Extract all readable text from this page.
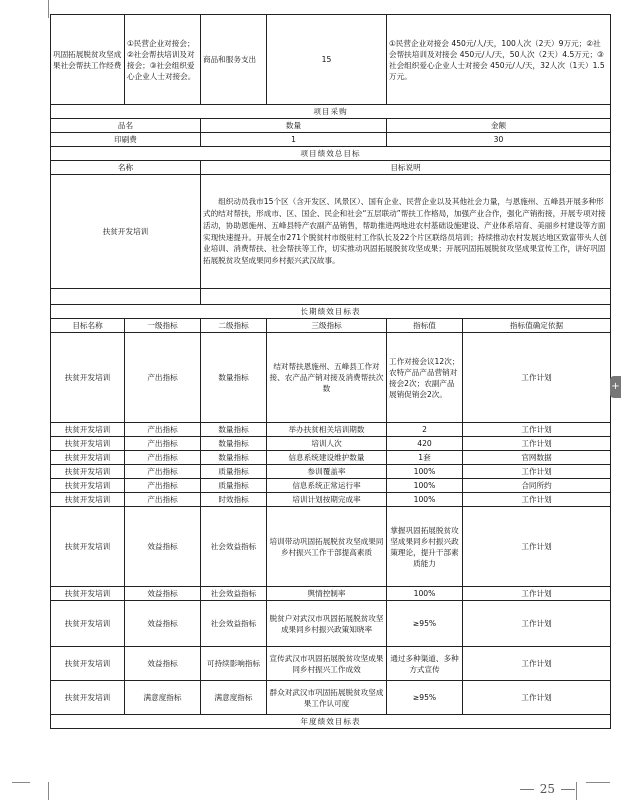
巩固拓展脱贫攻坚成果社会帮扶工作经费	①民营企业对接会；②社会帮扶培训及对接会；③社会组织爱心企业人士对接会。	商品和服务支出	15	①民营企业对接会 450元/人/天，100人次（2天）9万元；②社会帮扶培训及对接会 450元/人/天，50人次（2天）4.5万元；③社会组织爱心企业人士对接会 450元/人/天，32人次（1天）1.5万元。	
项目采购					
品名		数量		金额	
印刷费		1		30	
项目绩效总目标					
名称		目标说明			
扶贫开发培训		组织动员我市15个区（含开发区、风景区）、国有企业、民营企业以及其他社会力量，与恩施州、五峰县开展多种形式的结对帮扶，形成市、区、国企、民企和社会“五层联动”帮扶工作格局，加强产业合作，强化产销衔接，开展专项对接活动，协助恩施州、五峰县特产农副产品销售，帮助推进两地进农村基础设施建设、产业体系培育、美丽乡村建设等方面实现快速提升。开展全市271个脱贫村市级驻村工作队长及22个片区联络员培训；持续推动农村发展达地区致富带头人创业培训、消费帮扶、社会帮扶等工作，切实推动巩固拓展脱贫攻坚成果；开展巩固拓展脱贫攻坚成果宣传工作，讲好巩固拓展脱贫攻坚成果同乡村振兴武汉故事。			

长期绩效目标表					
目标名称	一级指标	二级指标	三级指标	指标值	指标值确定依据
扶贫开发培训	产出指标	数量指标	结对帮扶恩施州、五峰县工作对接、农产品产销对接及消费帮扶次数	工作对接会议12次；农特产品产品营销对接会2次；农副产品展销促销会2次。	工作计划
扶贫开发培训	产出指标	数量指标	举办扶贫相关培训期数	2	工作计划
扶贫开发培训	产出指标	数量指标	培训人次	420	工作计划
扶贫开发培训	产出指标	数量指标	信息系统建设维护数量	1套	官网数据
扶贫开发培训	产出指标	质量指标	参训覆盖率	100%	工作计划
扶贫开发培训	产出指标	质量指标	信息系统正常运行率	100%	合同所约
扶贫开发培训	产出指标	时效指标	培训计划按期完成率	100%	工作计划
扶贫开发培训	效益指标	社会效益指标	培训带动巩固拓展脱贫攻坚成果同乡村振兴工作干部提高素质	掌握巩固拓展脱贫攻坚成果同乡村振兴政策理论，提升干部素质能力	工作计划
扶贫开发培训	效益指标	社会效益指标	舆情控制率	100%	工作计划
扶贫开发培训	效益指标	社会效益指标	脱贫户对武汉市巩固拓展脱贫攻坚成果同乡村振兴政策知晓率	≥95%	工作计划
扶贫开发培训	效益指标	可持续影响指标	宣传武汉市巩固拓展脱贫攻坚成果同乡村振兴工作成效	通过多种渠道、多种方式宣传	工作计划
扶贫开发培训	满意度指标	满意度指标	群众对武汉市巩固拓展脱贫攻坚成果工作认可度	≥95%	工作计划
年度绩效目标表					
25
+
